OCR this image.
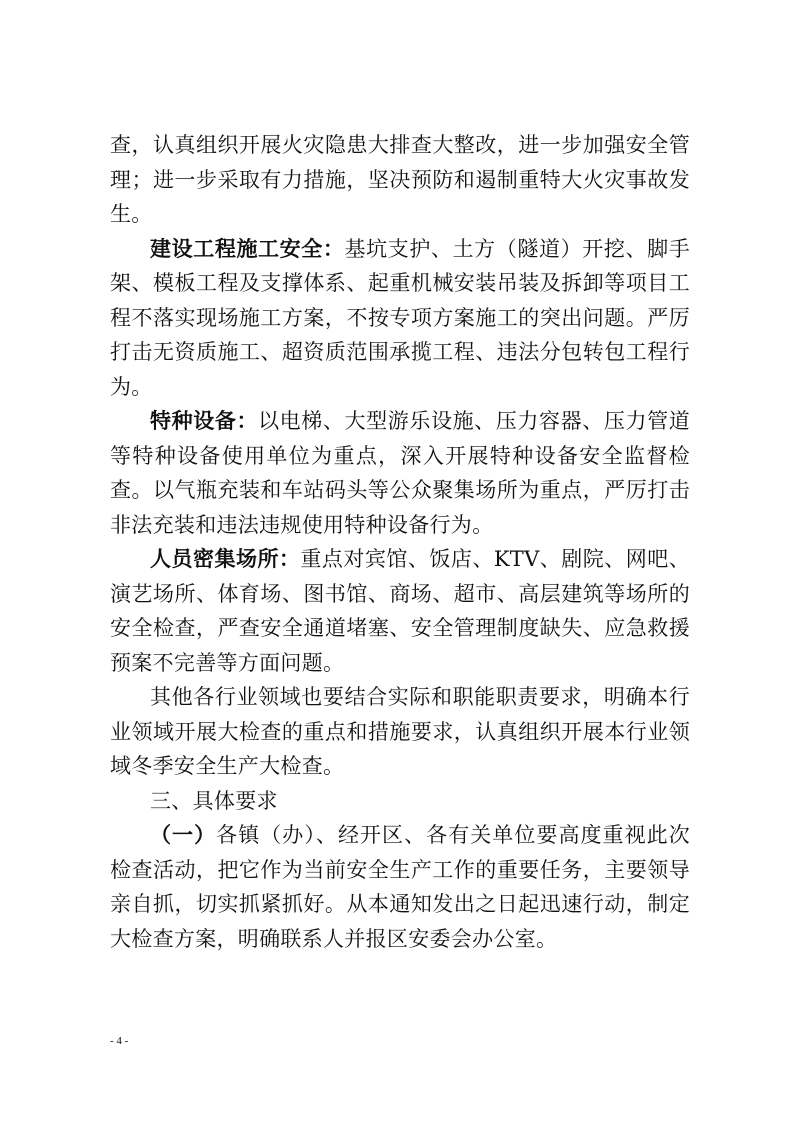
查，认真组织开展火灾隐患大排查大整改，进一步加强安全管理；进一步采取有力措施，坚决预防和遏制重特大火灾事故发生。

建设工程施工安全：基坑支护、土方（隧道）开挖、脚手架、模板工程及支撑体系、起重机械安装吊装及拆卸等项目工程不落实现场施工方案，不按专项方案施工的突出问题。严厉打击无资质施工、超资质范围承揽工程、违法分包转包工程行为。

特种设备：以电梯、大型游乐设施、压力容器、压力管道等特种设备使用单位为重点，深入开展特种设备安全监督检查。以气瓶充装和车站码头等公众聚集场所为重点，严厉打击非法充装和违法违规使用特种设备行为。

人员密集场所：重点对宾馆、饭店、KTV、剧院、网吧、演艺场所、体育场、图书馆、商场、超市、高层建筑等场所的安全检查，严查安全通道堵塞、安全管理制度缺失、应急救援预案不完善等方面问题。

其他各行业领域也要结合实际和职能职责要求，明确本行业领域开展大检查的重点和措施要求，认真组织开展本行业领域冬季安全生产大检查。

三、具体要求

（一）各镇（办）、经开区、各有关单位要高度重视此次检查活动，把它作为当前安全生产工作的重要任务，主要领导亲自抓，切实抓紧抓好。从本通知发出之日起迅速行动，制定大检查方案，明确联系人并报区安委会办公室。

- 4 -
